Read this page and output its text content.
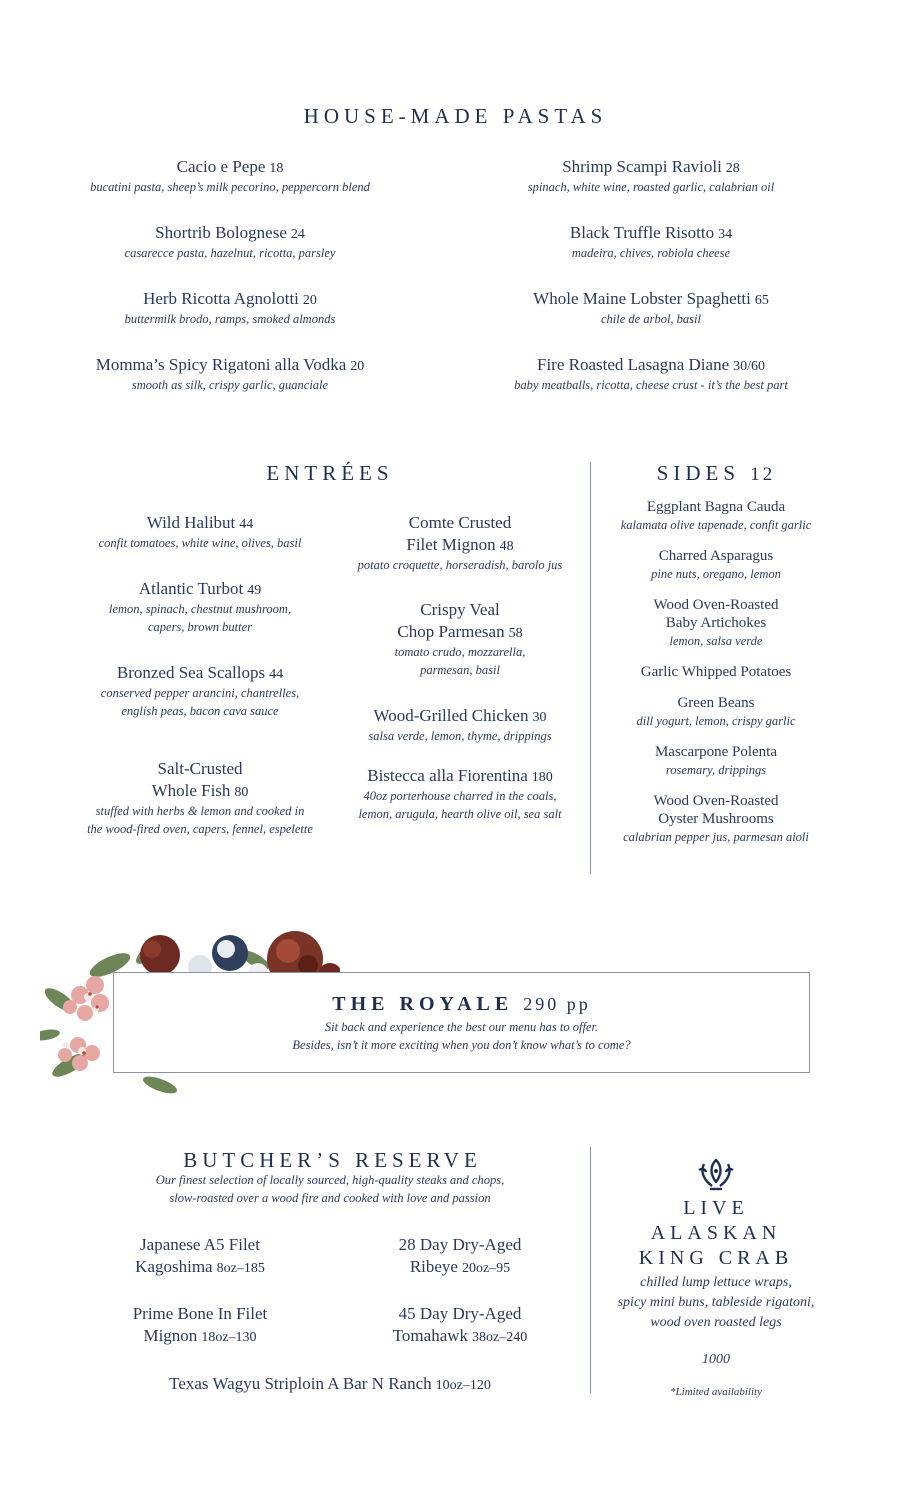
HOUSE-MADE PASTAS
Cacio e Pepe 18
bucatini pasta, sheep’s milk pecorino, peppercorn blend
Shortrib Bolognese 24
casarecce pasta, hazelnut, ricotta, parsley
Herb Ricotta Agnolotti 20
buttermilk brodo, ramps, smoked almonds
Momma’s Spicy Rigatoni alla Vodka 20
smooth as silk, crispy garlic, guanciale
Shrimp Scampi Ravioli 28
spinach, white wine, roasted garlic, calabrian oil
Black Truffle Risotto 34
madeira, chives, robiola cheese
Whole Maine Lobster Spaghetti 65
chile de arbol, basil
Fire Roasted Lasagna Diane 30/60
baby meatballs, ricotta, cheese crust - it’s the best part
ENTRÉES
Wild Halibut 44
confit tomatoes, white wine, olives, basil
Atlantic Turbot 49
lemon, spinach, chestnut mushroom,
capers, brown butter
Bronzed Sea Scallops 44
conserved pepper arancini, chantrelles,
english peas, bacon cava sauce
Salt-Crusted
Whole Fish 80
stuffed with herbs & lemon and cooked in
the wood-fired oven, capers, fennel, espelette
Comte Crusted
Filet Mignon 48
potato croquette, horseradish, barolo jus
Crispy Veal
Chop Parmesan 58
tomato crudo, mozzarella,
parmesan, basil
Wood-Grilled Chicken 30
salsa verde, lemon, thyme, drippings
Bistecca alla Fiorentina 180
40oz porterhouse charred in the coals,
lemon, arugula, hearth olive oil, sea salt
SIDES 12
Eggplant Bagna Cauda
kalamata olive tapenade, confit garlic
Charred Asparagus
pine nuts, oregano, lemon
Wood Oven-Roasted
Baby Artichokes
lemon, salsa verde
Garlic Whipped Potatoes
Green Beans
dill yogurt, lemon, crispy garlic
Mascarpone Polenta
rosemary, drippings
Wood Oven-Roasted
Oyster Mushrooms
calabrian pepper jus, parmesan aioli
THE ROYALE 290 pp
Sit back and experience the best our menu has to offer.
Besides, isn’t it more exciting when you don’t know what’s to come?
BUTCHER’S RESERVE
Our finest selection of locally sourced, high-quality steaks and chops,
slow-roasted over a wood fire and cooked with love and passion
Japanese A5 Filet
Kagoshima 8oz–185
28 Day Dry-Aged
Ribeye 20oz–95
Prime Bone In Filet
Mignon 18oz–130
45 Day Dry-Aged
Tomahawk 38oz–240
Texas Wagyu Striploin A Bar N Ranch 10oz–120
LIVE
ALASKAN
KING CRAB
chilled lump lettuce wraps,
spicy mini buns, tableside rigatoni,
wood oven roasted legs
1000
*Limited availability
